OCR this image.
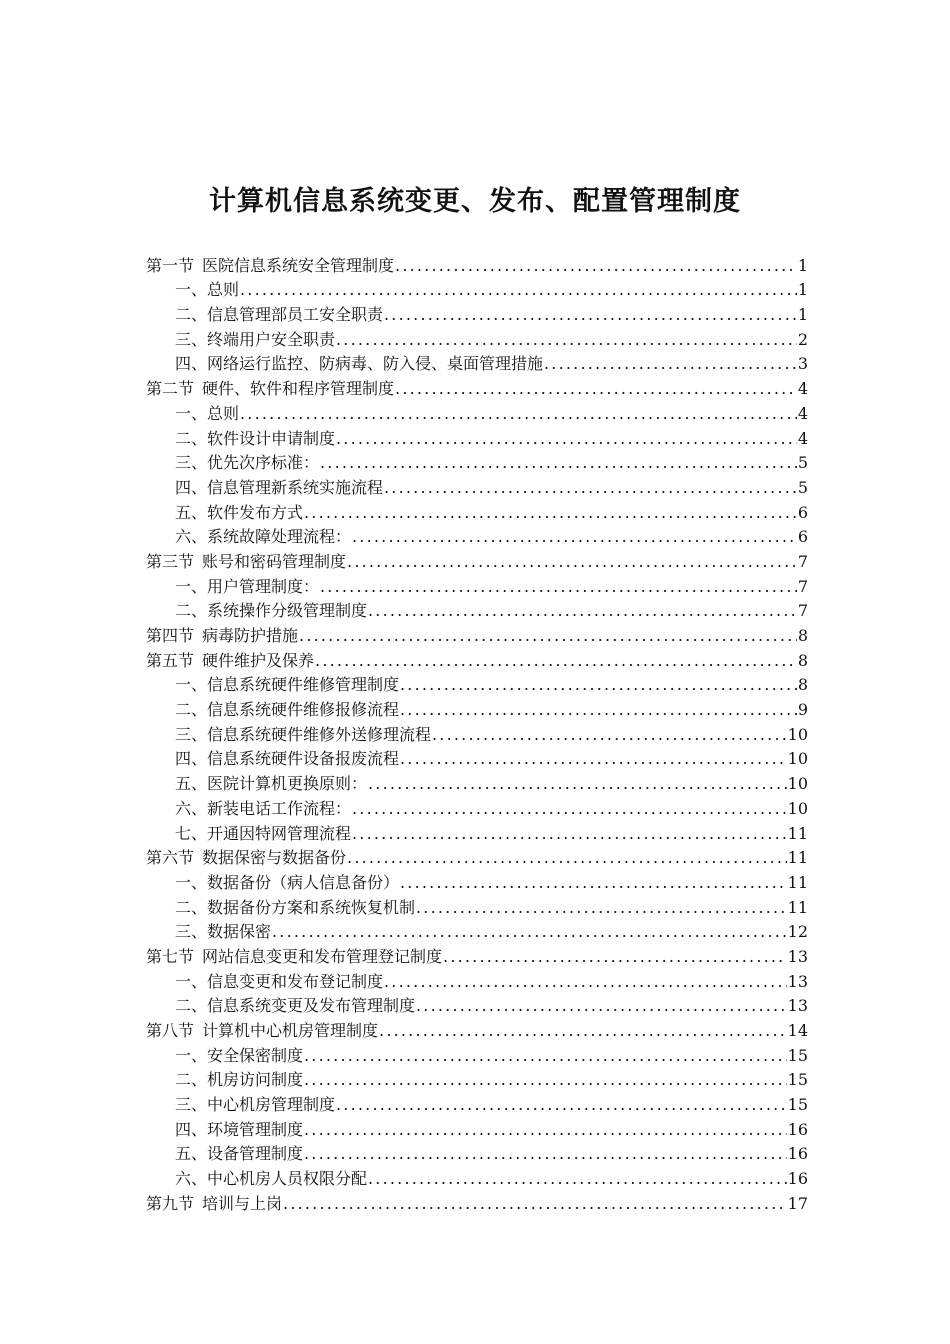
计算机信息系统变更、发布、配置管理制度
第一节 医院信息系统安全管理制度 .....	1
一、总则 .....	1
二、信息管理部员工安全职责 .....	1
三、终端用户安全职责 .....	2
四、网络运行监控、防病毒、防入侵、桌面管理措施 .....	3
第二节 硬件、软件和程序管理制度 .....	4
一、总则 .....	4
二、软件设计申请制度 .....	4
三、优先次序标准： .....	5
四、信息管理新系统实施流程 .....	5
五、软件发布方式 .....	6
六、系统故障处理流程： .....	6
第三节 账号和密码管理制度 .....	7
一、用户管理制度： .....	7
二、系统操作分级管理制度 .....	7
第四节 病毒防护措施 .....	8
第五节 硬件维护及保养 .....	8
一、信息系统硬件维修管理制度 .....	8
二、信息系统硬件维修报修流程 .....	9
三、信息系统硬件维修外送修理流程 .....	10
四、信息系统硬件设备报废流程 .....	10
五、医院计算机更换原则： .....	10
六、新装电话工作流程： .....	10
七、开通因特网管理流程 .....	11
第六节 数据保密与数据备份 .....	11
一、数据备份（病人信息备份） .....	11
二、数据备份方案和系统恢复机制 .....	11
三、数据保密 .....	12
第七节 网站信息变更和发布管理登记制度 .....	13
一、信息变更和发布登记制度 .....	13
二、信息系统变更及发布管理制度 .....	13
第八节 计算机中心机房管理制度 .....	14
一、安全保密制度 .....	15
二、机房访问制度 .....	15
三、中心机房管理制度 .....	15
四、环境管理制度 .....	16
五、设备管理制度 .....	16
六、中心机房人员权限分配 .....	16
第九节 培训与上岗 .....	17
